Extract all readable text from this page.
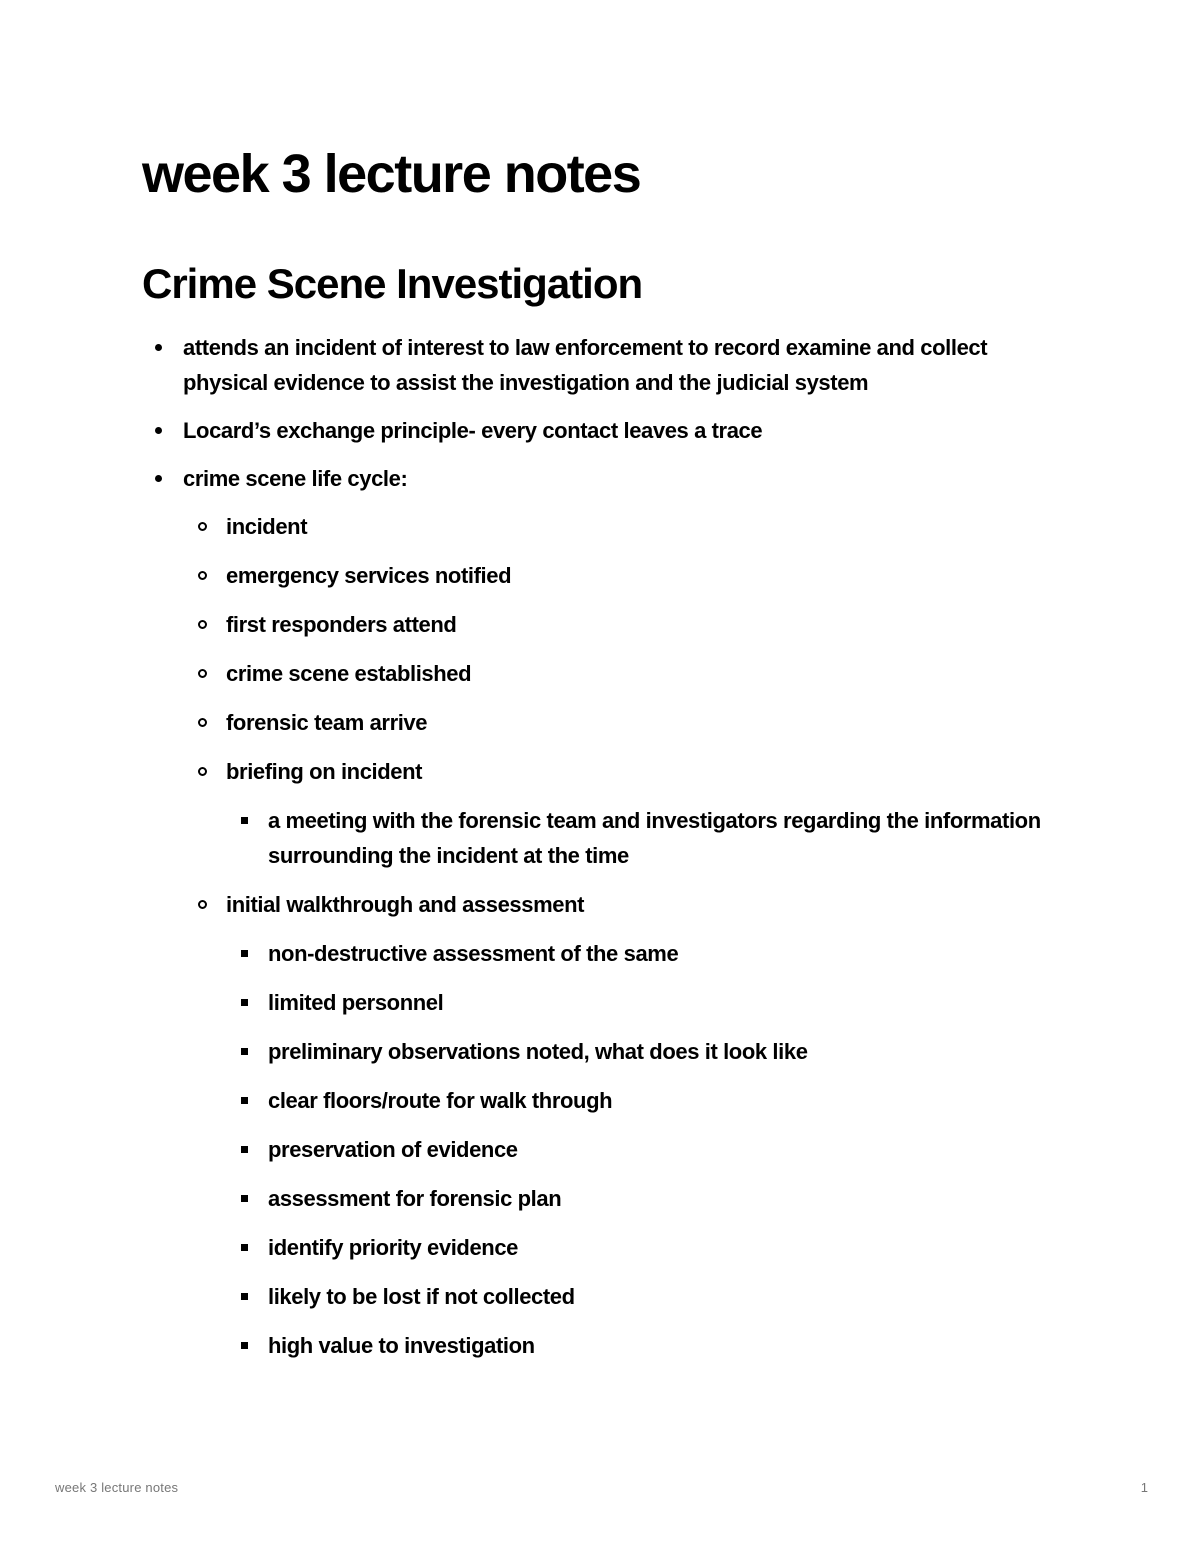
week 3 lecture notes
Crime Scene Investigation
attends an incident of interest to law enforcement to record examine and collect physical evidence to assist the investigation and the judicial system
Locard’s exchange principle- every contact leaves a trace
crime scene life cycle:
incident
emergency services notified
first responders attend
crime scene established
forensic team arrive
briefing on incident
a meeting with the forensic team and investigators regarding the information surrounding the incident at the time
initial walkthrough and assessment
non-destructive assessment of the same
limited personnel
preliminary observations noted, what does it look like
clear floors/route for walk through
preservation of evidence
assessment for forensic plan
identify priority evidence
likely to be lost if not collected
high value to investigation
week 3 lecture notes	1
